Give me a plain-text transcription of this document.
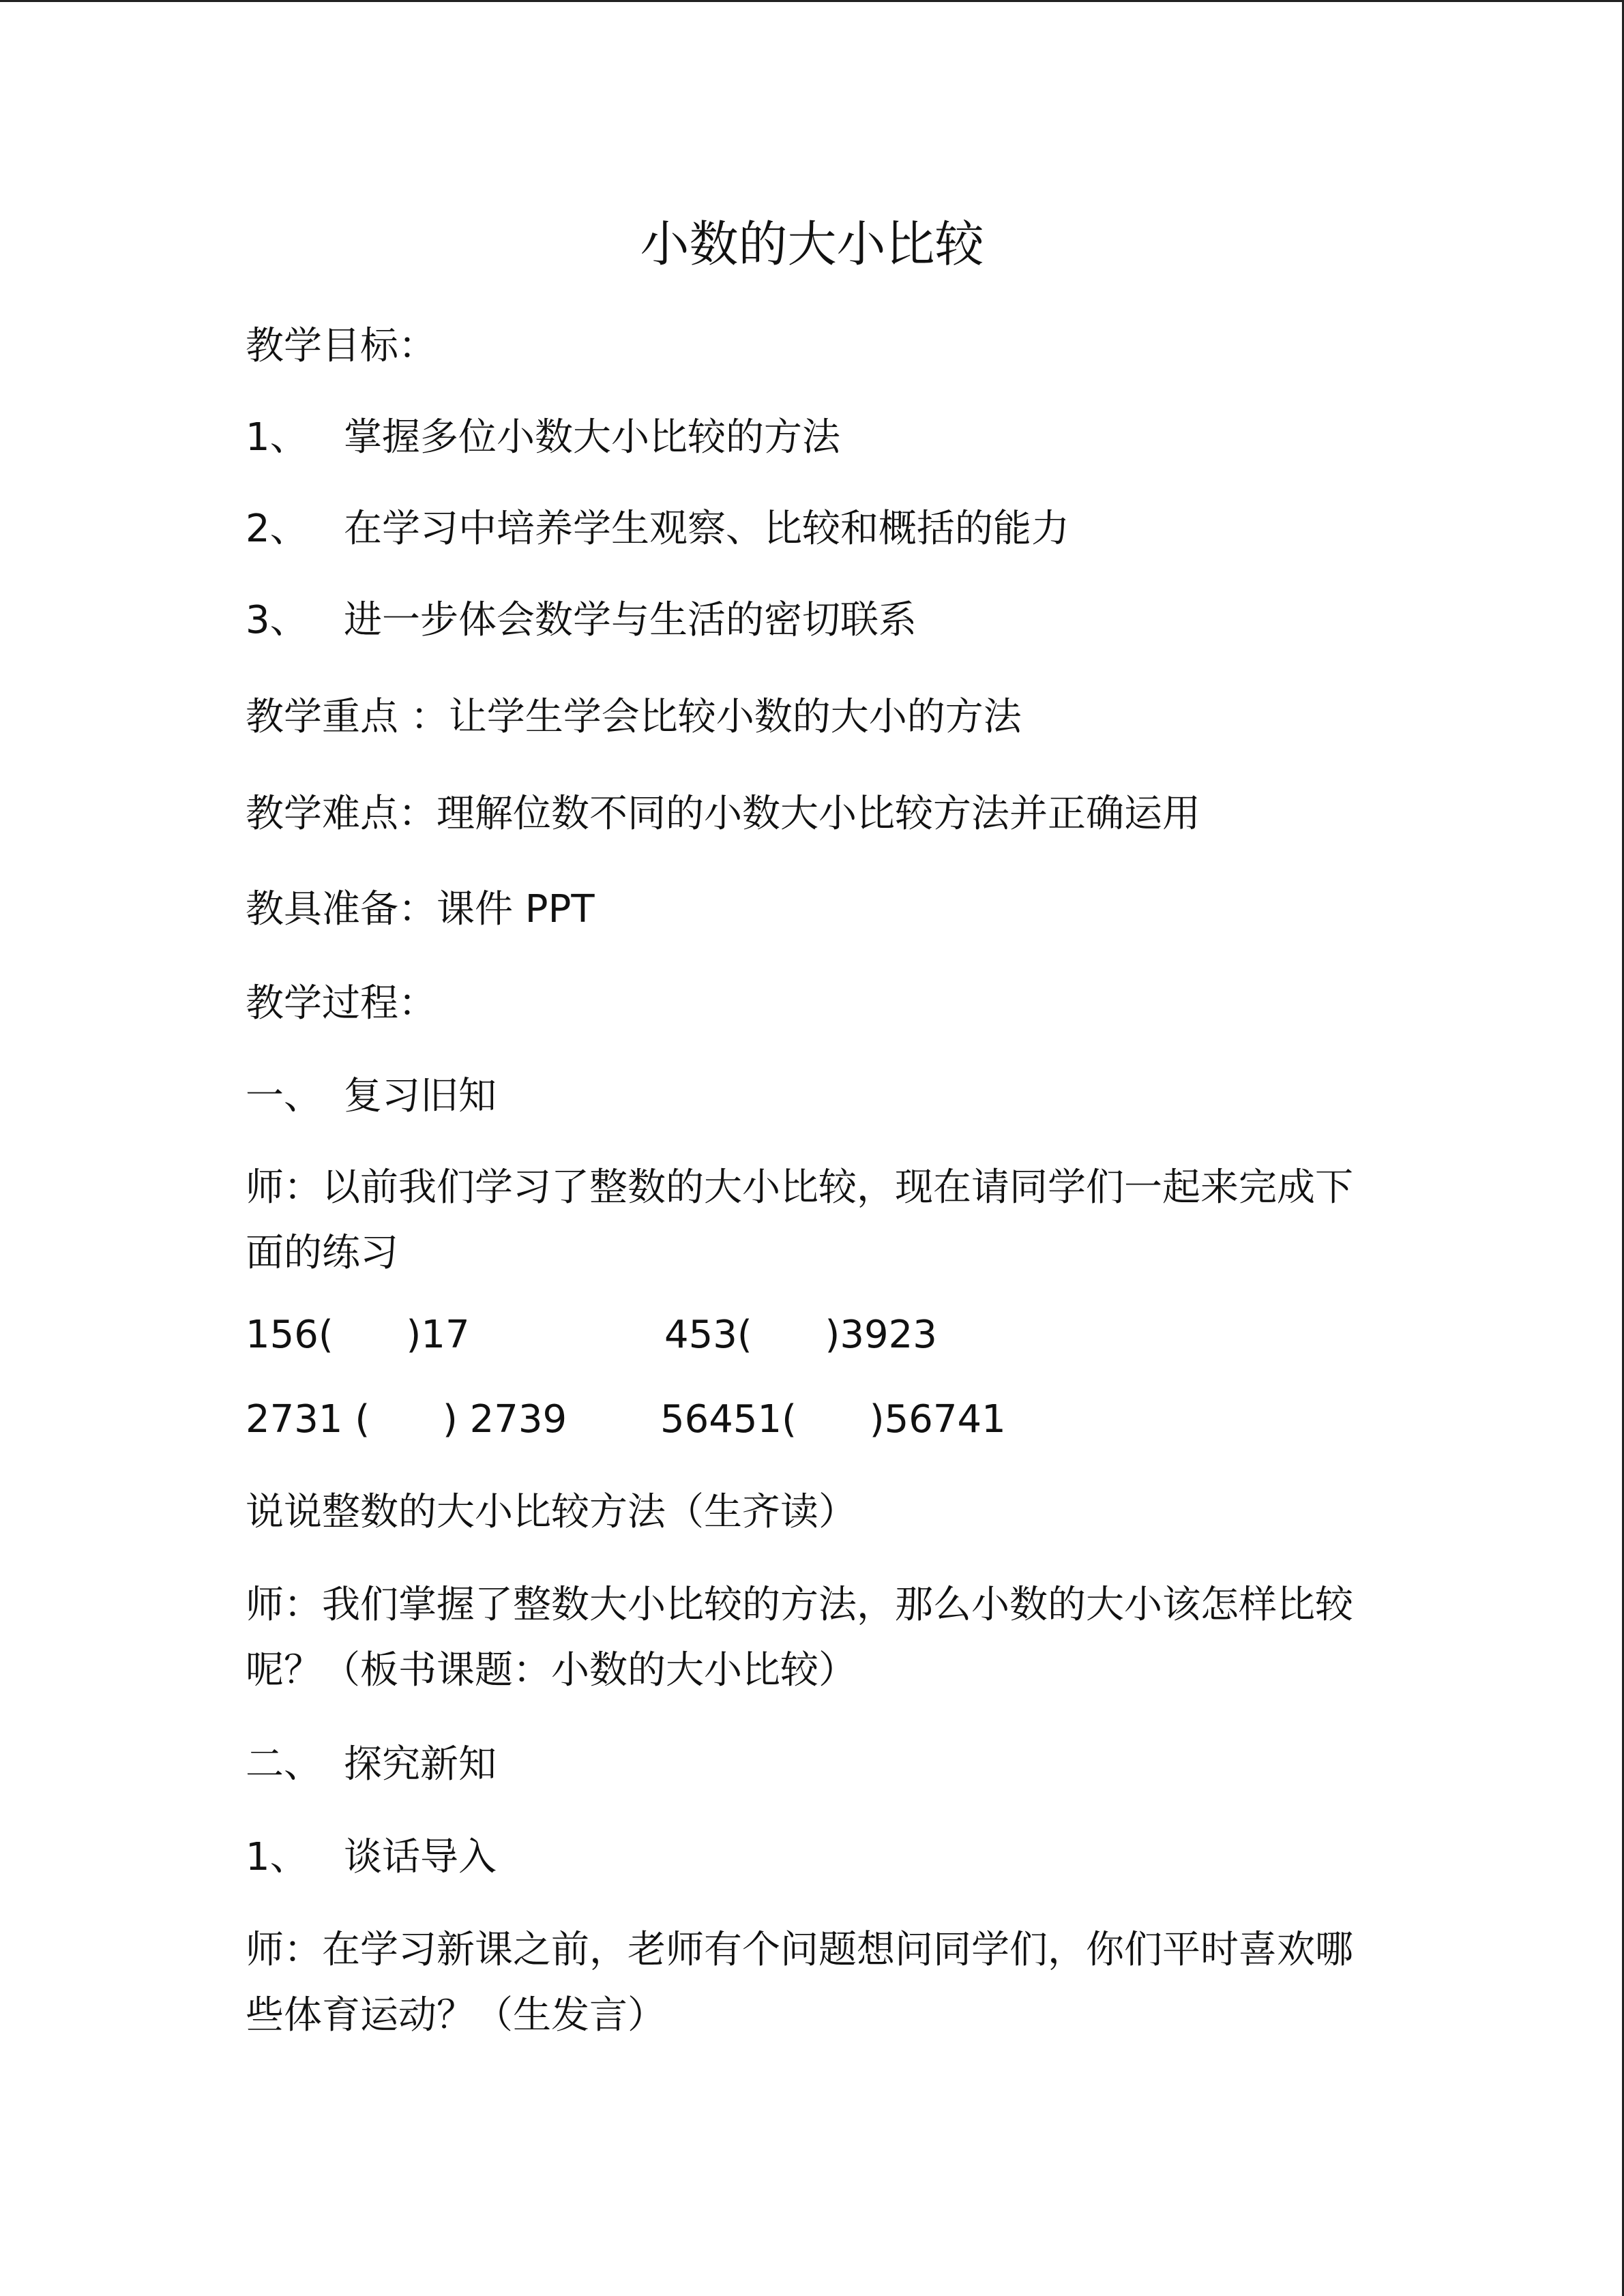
小数的大小比较
教学目标：
1、 掌握多位小数大小比较的方法
2、 在学习中培养学生观察、比较和概括的能力
3、 进一步体会数学与生活的密切联系
教学重点 ：让学生学会比较小数的大小的方法
教学难点：理解位数不同的小数大小比较方法并正确运用
教具准备：课件 PPT
教学过程：
一、 复习旧知
师：以前我们学习了整数的大小比较，现在请同学们一起来完成下
面的练习
156(      )17	453(      )3923
2731 (      ) 2739 56451(      )56741
说说整数的大小比较方法（生齐读）
师：我们掌握了整数大小比较的方法，那么小数的大小该怎样比较
呢？（板书课题：小数的大小比较）
二、 探究新知
1、 谈话导入
师：在学习新课之前，老师有个问题想问同学们，你们平时喜欢哪
些体育运动？（生发言）
